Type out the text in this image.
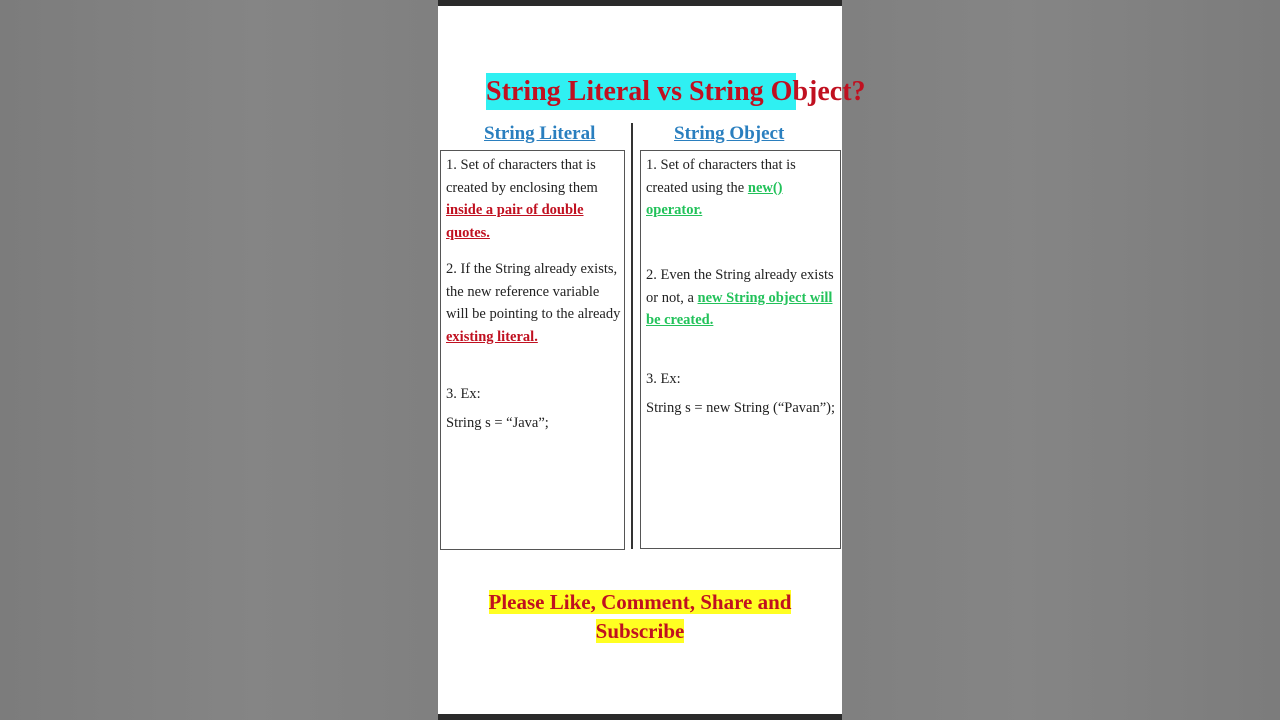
String Literal vs String Object?
String Literal	String Object
1. Set of characters that is created by enclosing them inside a pair of double quotes.
2. If the String already exists, the new reference variable will be pointing to the already existing literal.
3. Ex:
String s = “Java”;
1. Set of characters that is created using the new() operator.
2. Even the String already exists or not, a new String object will be created.
3. Ex:
String s = new String (“Pavan”);
Please Like, Comment, Share and
Subscribe
